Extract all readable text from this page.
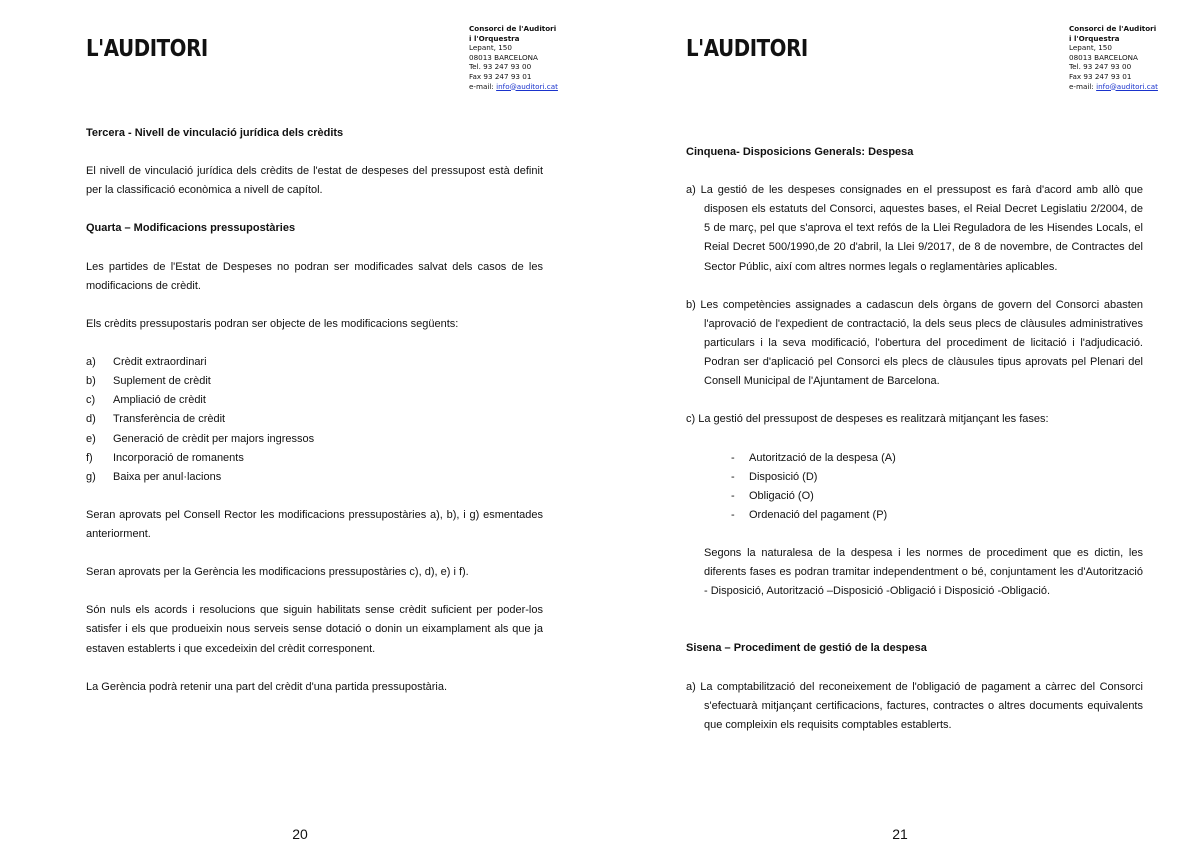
L'AUDITORI
Consorci de l'Auditori
i l'Orquestra
Lepant, 150
08013 BARCELONA
Tel. 93 247 93 00
Fax 93 247 93 01
e-mail: info@auditori.cat
Tercera - Nivell de vinculació jurídica dels crèdits

El nivell de vinculació jurídica dels crèdits de l'estat de despeses del pressupost està definit per la classificació econòmica a nivell de capítol.

Quarta – Modificacions pressupostàries

Les partides de l'Estat de Despeses no podran ser modificades salvat dels casos de les modificacions de crèdit.

Els crèdits pressupostaris podran ser objecte de les modificacions següents:

a)	Crèdit extraordinari
b)	Suplement de crèdit
c)	Ampliació de crèdit
d)	Transferència de crèdit
e)	Generació de crèdit per majors ingressos
f)	Incorporació de romanents
g)	Baixa per anul·lacions

Seran aprovats pel Consell Rector les modificacions pressupostàries a), b), i g) esmentades anteriorment.

Seran aprovats per la Gerència les modificacions pressupostàries c), d), e) i f).

Són nuls els acords i resolucions que siguin habilitats sense crèdit suficient per poder-los satisfer i els que produeixin nous serveis sense dotació o donin un eixamplament als que ja estaven establerts i que excedeixin del crèdit corresponent.

La Gerència podrà retenir una part del crèdit d'una partida pressupostària.

20
L'AUDITORI
Consorci de l'Auditori
i l'Orquestra
Lepant, 150
08013 BARCELONA
Tel. 93 247 93 00
Fax 93 247 93 01
e-mail: info@auditori.cat
Cinquena- Disposicions Generals: Despesa

a) La gestió de les despeses consignades en el pressupost es farà d'acord amb allò que disposen els estatuts del Consorci, aquestes bases, el Reial Decret Legislatiu 2/2004, de 5 de març, pel que s'aprova el text refós de la Llei Reguladora de les Hisendes Locals, el Reial Decret 500/1990,de 20 d'abril, la Llei 9/2017, de 8 de novembre, de Contractes del Sector Públic, així com altres normes legals o reglamentàries aplicables.

b) Les competències assignades a cadascun dels òrgans de govern del Consorci abasten l'aprovació de l'expedient de contractació, la dels seus plecs de clàusules administratives particulars i la seva modificació, l'obertura del procediment de licitació i l'adjudicació. Podran ser d'aplicació pel Consorci els plecs de clàusules tipus aprovats pel Plenari del Consell Municipal de l'Ajuntament de Barcelona.

c) La gestió del pressupost de despeses es realitzarà mitjançant les fases:

-	Autorització de la despesa (A)
-	Disposició (D)
-	Obligació (O)
-	Ordenació del pagament (P)

Segons la naturalesa de la despesa i les normes de procediment que es dictin, les diferents fases es podran tramitar independentment o bé, conjuntament les d'Autorització - Disposició, Autorització –Disposició -Obligació i Disposició -Obligació.

Sisena – Procediment de gestió de la despesa

a) La comptabilització del reconeixement de l'obligació de pagament a càrrec del Consorci s'efectuarà mitjançant certificacions, factures, contractes o altres documents equivalents que compleixin els requisits comptables establerts.

21
